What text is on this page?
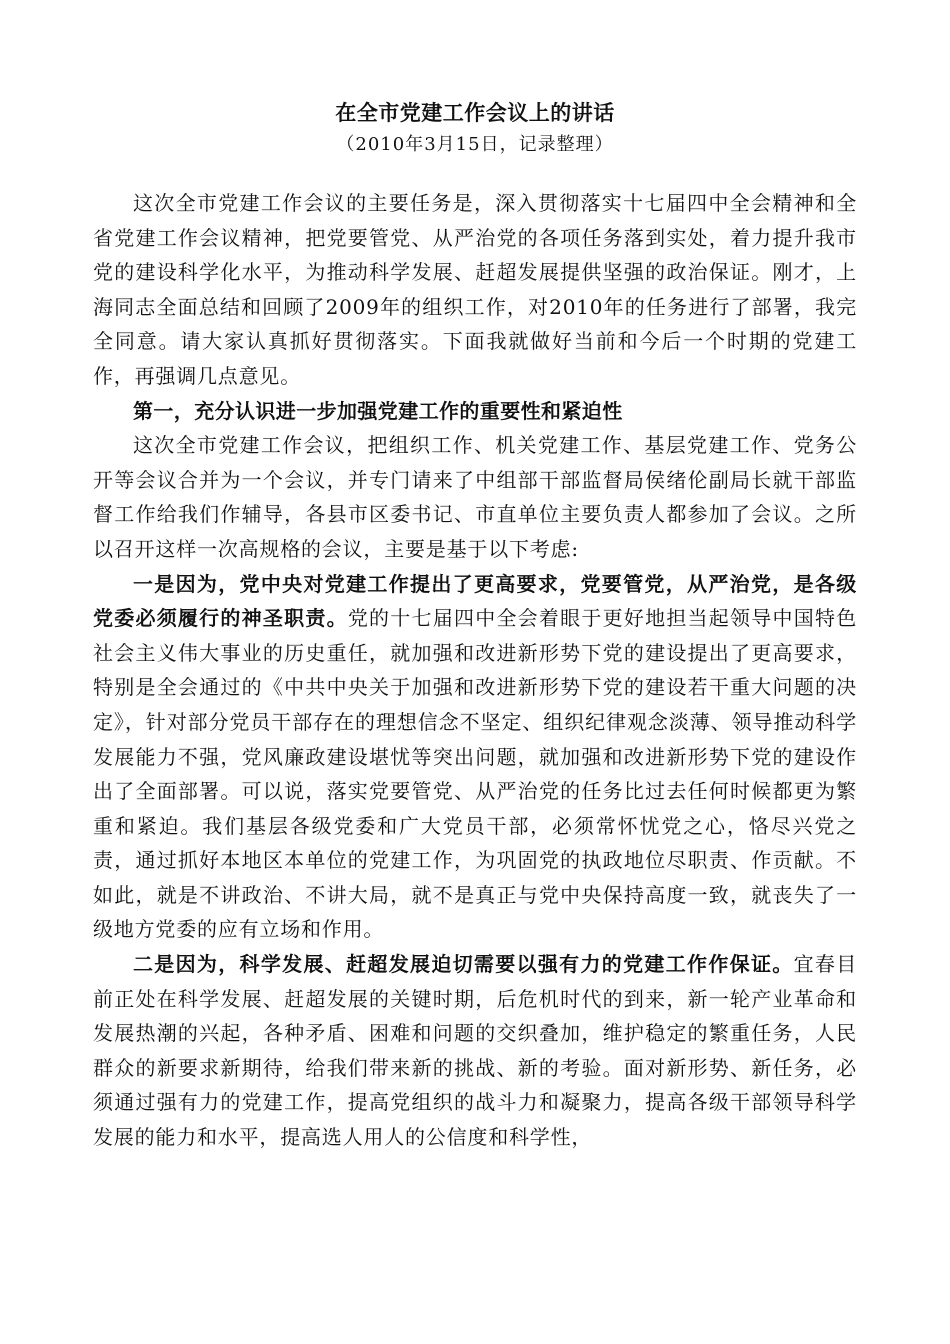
在全市党建工作会议上的讲话

（2010年3月15日，记录整理）

这次全市党建工作会议的主要任务是，深入贯彻落实十七届四中全会精神和全省党建工作会议精神，把党要管党、从严治党的各项任务落到实处，着力提升我市党的建设科学化水平，为推动科学发展、赶超发展提供坚强的政治保证。刚才，上海同志全面总结和回顾了2009年的组织工作，对2010年的任务进行了部署，我完全同意。请大家认真抓好贯彻落实。下面我就做好当前和今后一个时期的党建工作，再强调几点意见。

第一，充分认识进一步加强党建工作的重要性和紧迫性

这次全市党建工作会议，把组织工作、机关党建工作、基层党建工作、党务公开等会议合并为一个会议，并专门请来了中组部干部监督局侯绪伦副局长就干部监督工作给我们作辅导，各县市区委书记、市直单位主要负责人都参加了会议。之所以召开这样一次高规格的会议，主要是基于以下考虑:

一是因为，党中央对党建工作提出了更高要求，党要管党，从严治党，是各级党委必须履行的神圣职责。党的十七届四中全会着眼于更好地担当起领导中国特色社会主义伟大事业的历史重任，就加强和改进新形势下党的建设提出了更高要求，特别是全会通过的《中共中央关于加强和改进新形势下党的建设若干重大问题的决定》，针对部分党员干部存在的理想信念不坚定、组织纪律观念淡薄、领导推动科学发展能力不强，党风廉政建设堪忧等突出问题，就加强和改进新形势下党的建设作出了全面部署。可以说，落实党要管党、从严治党的任务比过去任何时候都更为繁重和紧迫。我们基层各级党委和广大党员干部，必须常怀忧党之心，恪尽兴党之责，通过抓好本地区本单位的党建工作，为巩固党的执政地位尽职责、作贡献。不如此，就是不讲政治、不讲大局，就不是真正与党中央保持高度一致，就丧失了一级地方党委的应有立场和作用。

二是因为，科学发展、赶超发展迫切需要以强有力的党建工作作保证。宜春目前正处在科学发展、赶超发展的关键时期，后危机时代的到来，新一轮产业革命和发展热潮的兴起，各种矛盾、困难和问题的交织叠加，维护稳定的繁重任务，人民群众的新要求新期待，给我们带来新的挑战、新的考验。面对新形势、新任务，必须通过强有力的党建工作，提高党组织的战斗力和凝聚力，提高各级干部领导科学发展的能力和水平，提高选人用人的公信度和科学性，
